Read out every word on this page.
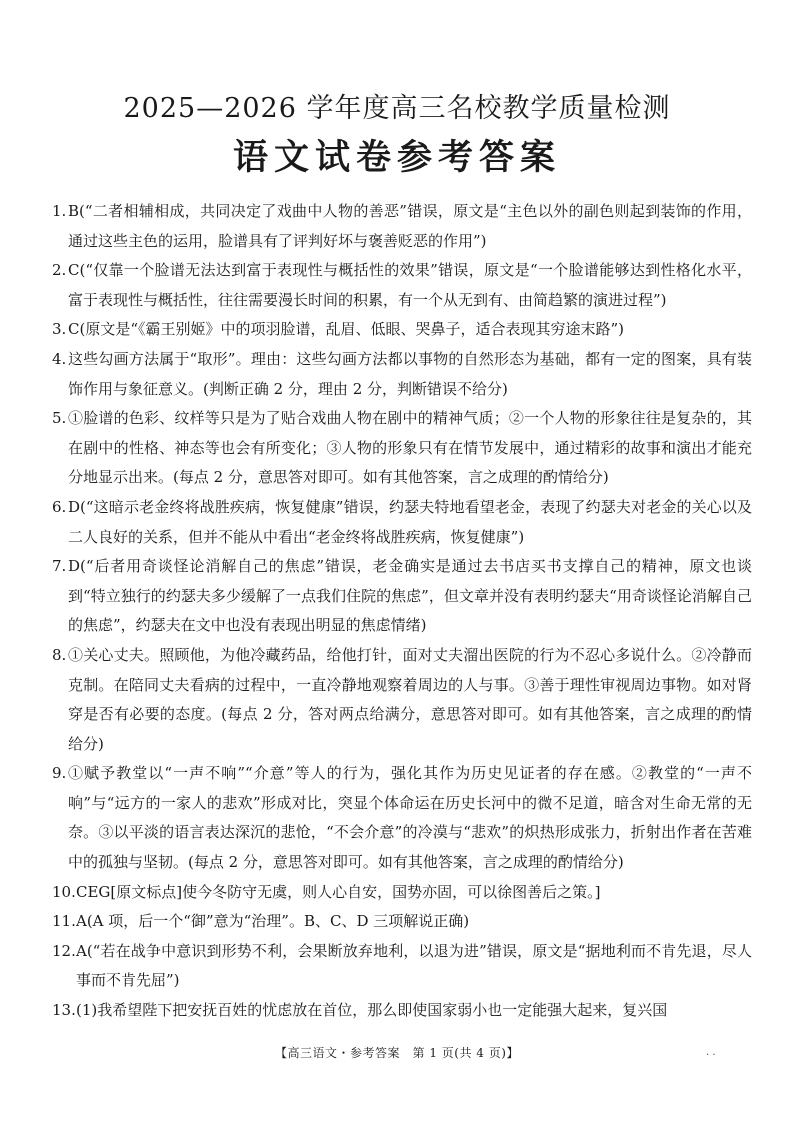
2025—2026 学年度高三名校教学质量检测
语文试卷参考答案

1. B(“二者相辅相成，共同决定了戏曲中人物的善恶”错误，原文是“主色以外的副色则起到装饰的作用，通过这些主色的运用，脸谱具有了评判好坏与褒善贬恶的作用”)

2. C(“仅靠一个脸谱无法达到富于表现性与概括性的效果”错误，原文是“一个脸谱能够达到性格化水平，富于表现性与概括性，往往需要漫长时间的积累，有一个从无到有、由简趋繁的演进过程”)

3. C(原文是“《霸王别姬》中的项羽脸谱，乱眉、低眼、哭鼻子，适合表现其穷途末路”)

4. 这些勾画方法属于“取形”。理由：这些勾画方法都以事物的自然形态为基础，都有一定的图案，具有装饰作用与象征意义。(判断正确 2 分，理由 2 分，判断错误不给分)

5. ①脸谱的色彩、纹样等只是为了贴合戏曲人物在剧中的精神气质；②一个人物的形象往往是复杂的，其在剧中的性格、神态等也会有所变化；③人物的形象只有在情节发展中，通过精彩的故事和演出才能充分地显示出来。(每点 2 分，意思答对即可。如有其他答案，言之成理的酌情给分)

6. D(“这暗示老金终将战胜疾病，恢复健康”错误，约瑟夫特地看望老金，表现了约瑟夫对老金的关心以及二人良好的关系，但并不能从中看出“老金终将战胜疾病，恢复健康”)

7. D(“后者用奇谈怪论消解自己的焦虑”错误，老金确实是通过去书店买书支撑自己的精神，原文也谈到“特立独行的约瑟夫多少缓解了一点我们住院的焦虑”，但文章并没有表明约瑟夫“用奇谈怪论消解自己的焦虑”，约瑟夫在文中也没有表现出明显的焦虑情绪)

8. ①关心丈夫。照顾他，为他冷藏药品，给他打针，面对丈夫溜出医院的行为不忍心多说什么。②冷静而克制。在陪同丈夫看病的过程中，一直冷静地观察着周边的人与事。③善于理性审视周边事物。如对肾穿是否有必要的态度。(每点 2 分，答对两点给满分，意思答对即可。如有其他答案，言之成理的酌情给分)

9. ①赋予教堂以“一声不响”“介意”等人的行为，强化其作为历史见证者的存在感。②教堂的“一声不响”与“远方的一家人的悲欢”形成对比，突显个体命运在历史长河中的微不足道，暗含对生命无常的无奈。③以平淡的语言表达深沉的悲怆，“不会介意”的冷漠与“悲欢”的炽热形成张力，折射出作者在苦难中的孤独与坚韧。(每点 2 分，意思答对即可。如有其他答案，言之成理的酌情给分)

10. CEG[原文标点]使今冬防守无虞，则人心自安，国势亦固，可以徐图善后之策。]

11. A(A 项，后一个“御”意为“治理”。B、C、D 三项解说正确)

12. A(“若在战争中意识到形势不利，会果断放弃地利，以退为进”错误，原文是“据地利而不肯先退，尽人事而不肯先屈”)

13. (1)我希望陛下把安抚百姓的忧虑放在首位，那么即使国家弱小也一定能强大起来，复兴国

【高三语文・参考答案　第 1 页(共 4 页)】	· ·
